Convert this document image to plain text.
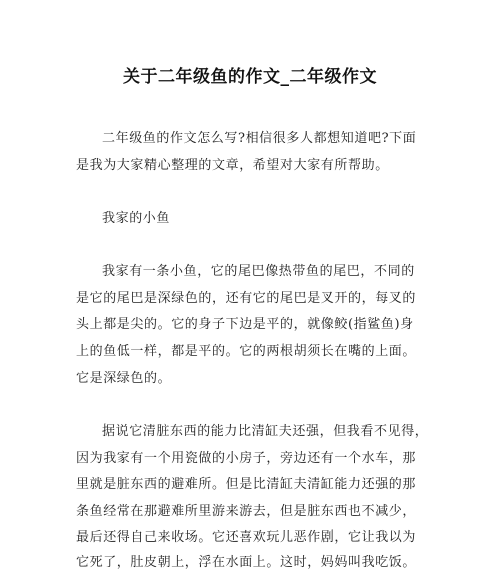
关于二年级鱼的作文_二年级作文
二年级鱼的作文怎么写?相信很多人都想知道吧?下面
是我为大家精心整理的文章，希望对大家有所帮助。
我家的小鱼
我家有一条小鱼，它的尾巴像热带鱼的尾巴，不同的
是它的尾巴是深绿色的，还有它的尾巴是叉开的，每叉的
头上都是尖的。它的身子下边是平的，就像鲛(指鲨鱼)身
上的鱼低一样，都是平的。它的两根胡须长在嘴的上面。
它是深绿色的。
据说它清脏东西的能力比清缸夫还强，但我看不见得，
因为我家有一个用瓷做的小房子，旁边还有一个水车，那
里就是脏东西的避难所。但是比清缸夫清缸能力还强的那
条鱼经常在那避难所里游来游去，但是脏东西也不减少，
最后还得自己来收场。它还喜欢玩儿恶作剧，它让我以为
它死了，肚皮朝上，浮在水面上。这时，妈妈叫我吃饭。
